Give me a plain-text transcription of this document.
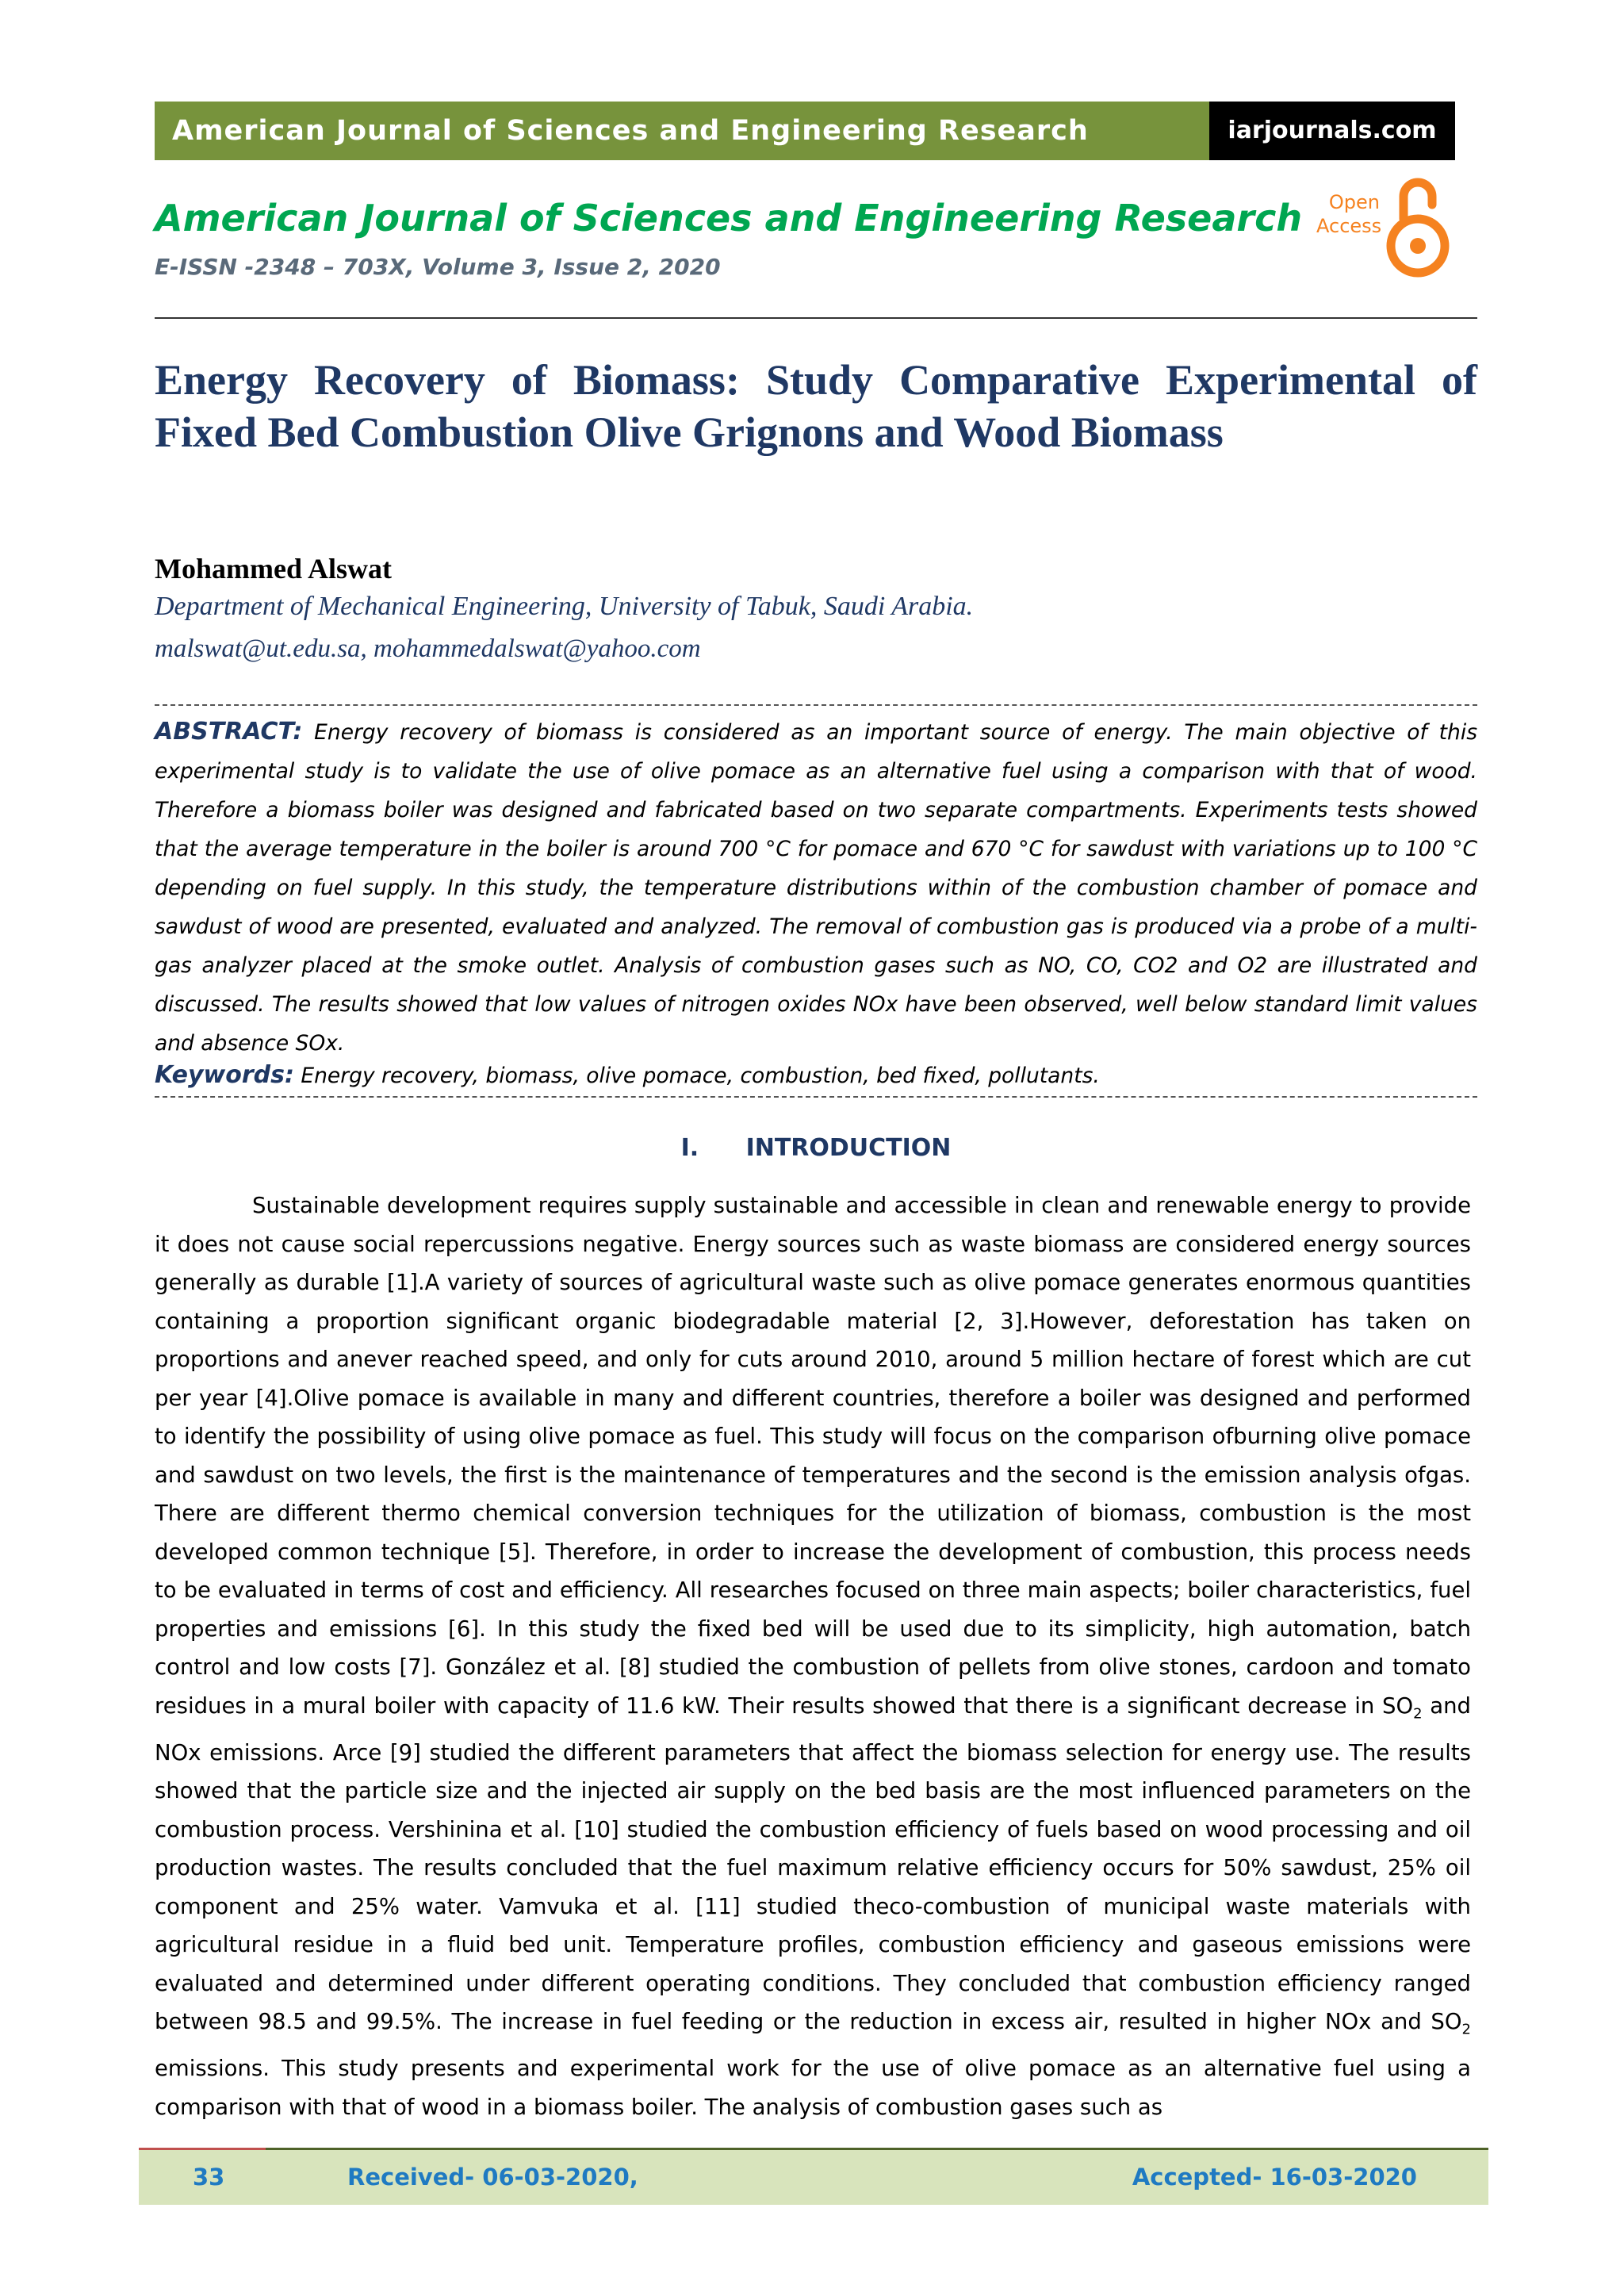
American Journal of Sciences and Engineering Research	iarjournals.com
American Journal of Sciences and Engineering Research
E-ISSN -2348 – 703X, Volume 3, Issue 2, 2020
Open
Access
Energy Recovery of Biomass: Study Comparative Experimental of
Fixed Bed Combustion Olive Grignons and Wood Biomass
Mohammed Alswat
Department of Mechanical Engineering, University of Tabuk, Saudi Arabia.
malswat@ut.edu.sa, mohammedalswat@yahoo.com
ABSTRACT: Energy recovery of biomass is considered as an important source of energy. The main objective of this experimental study is to validate the use of olive pomace as an alternative fuel using a comparison with that of wood. Therefore a biomass boiler was designed and fabricated based on two separate compartments. Experiments tests showed that the average temperature in the boiler is around 700 °C for pomace and 670 °C for sawdust with variations up to 100 °C depending on fuel supply. In this study, the temperature distributions within of the combustion chamber of pomace and sawdust of wood are presented, evaluated and analyzed. The removal of combustion gas is produced via a probe of a multi-gas analyzer placed at the smoke outlet. Analysis of combustion gases such as NO, CO, CO2 and O2 are illustrated and discussed. The results showed that low values of nitrogen oxides NOx have been observed, well below standard limit values and absence SOx.
Keywords: Energy recovery, biomass, olive pomace, combustion, bed fixed, pollutants.
I. INTRODUCTION

Sustainable development requires supply sustainable and accessible in clean and renewable energy to provide it does not cause social repercussions negative. Energy sources such as waste biomass are considered energy sources generally as durable [1].A variety of sources of agricultural waste such as olive pomace generates enormous quantities containing a proportion significant organic biodegradable material [2, 3].However, deforestation has taken on proportions and anever reached speed, and only for cuts around 2010, around 5 million hectare of forest which are cut per year [4].Olive pomace is available in many and different countries, therefore a boiler was designed and performed to identify the possibility of using olive pomace as fuel. This study will focus on the comparison ofburning olive pomace and sawdust on two levels, the first is the maintenance of temperatures and the second is the emission analysis ofgas. There are different thermo chemical conversion techniques for the utilization of biomass, combustion is the most developed common technique [5]. Therefore, in order to increase the development of combustion, this process needs to be evaluated in terms of cost and efficiency. All researches focused on three main aspects; boiler characteristics, fuel properties and emissions [6]. In this study the fixed bed will be used due to its simplicity, high automation, batch control and low costs [7]. González et al. [8] studied the combustion of pellets from olive stones, cardoon and tomato residues in a mural boiler with capacity of 11.6 kW. Their results showed that there is a significant decrease in $SO_2$ and NOx emissions. Arce [9] studied the different parameters that affect the biomass selection for energy use. The results showed that the particle size and the injected air supply on the bed basis are the most influenced parameters on the combustion process. Vershinina et al. [10] studied the combustion efficiency of fuels based on wood processing and oil production wastes. The results concluded that the fuel maximum relative efficiency occurs for 50% sawdust, 25% oil component and 25% water. Vamvuka et al. [11] studied theco-combustion of municipal waste materials with agricultural residue in a fluid bed unit. Temperature profiles, combustion efficiency and gaseous emissions were evaluated and determined under different operating conditions. They concluded that combustion efficiency ranged between 98.5 and 99.5%. The increase in fuel feeding or the reduction in excess air, resulted in higher NOx and $SO_2$ emissions. This study presents and experimental work for the use of olive pomace as an alternative fuel using a comparison with that of wood in a biomass boiler. The analysis of combustion gases such as

33	Received- 06-03-2020,	Accepted- 16-03-2020
